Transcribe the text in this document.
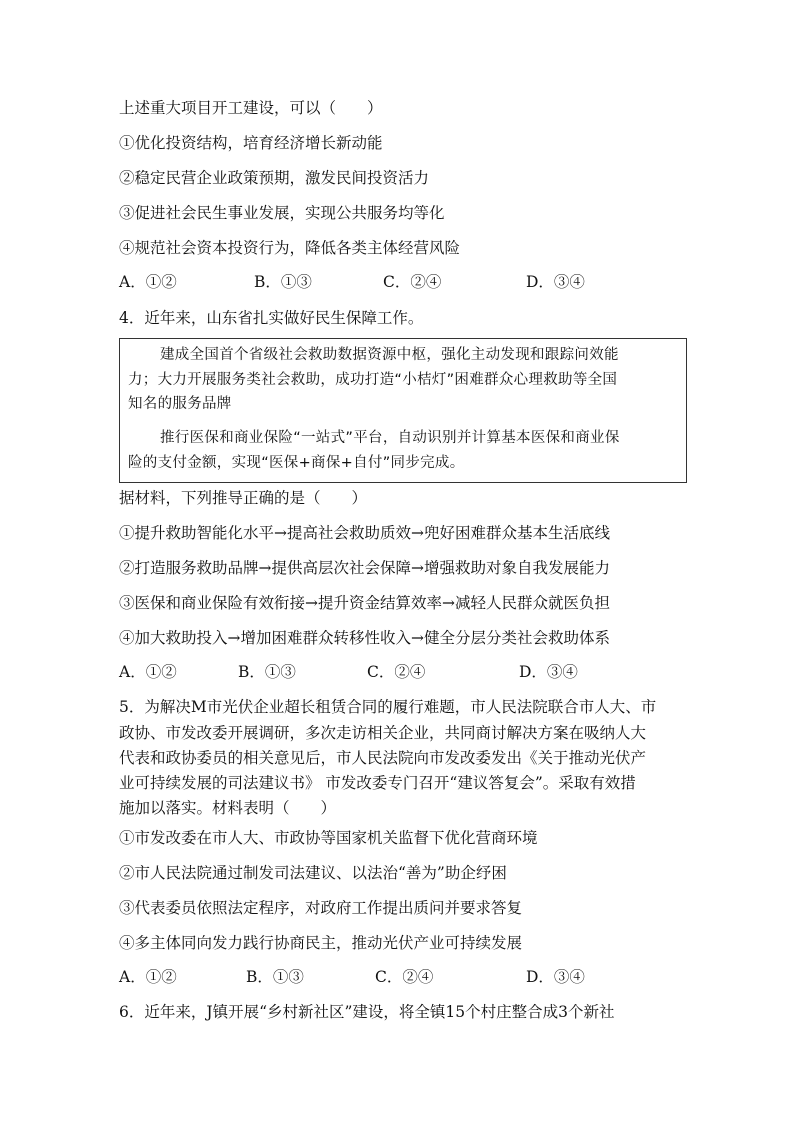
上述重大项目开工建设，可以（　　）
①优化投资结构，培育经济增长新动能
②稳定民营企业政策预期，激发民间投资活力
③促进社会民生事业发展，实现公共服务均等化
④规范社会资本投资行为，降低各类主体经营风险
A．①②	B．①③	C．②④	D．③④
4．近年来，山东省扎实做好民生保障工作。

建成全国首个省级社会救助数据资源中枢，强化主动发现和跟踪问效能

力；大力开展服务类社会救助，成功打造“小桔灯”困难群众心理救助等全国

知名的服务品牌

推行医保和商业保险“一站式”平台，自动识别并计算基本医保和商业保

险的支付金额，实现“医保+商保+自付”同步完成。

据材料，下列推导正确的是（　　）
①提升救助智能化水平→提高社会救助质效→兜好困难群众基本生活底线
②打造服务救助品牌→提供高层次社会保障→增强救助对象自我发展能力
③医保和商业保险有效衔接→提升资金结算效率→减轻人民群众就医负担
④加大救助投入→增加困难群众转移性收入→健全分层分类社会救助体系
A．①②	B．①③	C．②④	D．③④
5．为解决M市光伏企业超长租赁合同的履行难题，市人民法院联合市人大、市
政协、市发改委开展调研，多次走访相关企业，共同商讨解决方案在吸纳人大
代表和政协委员的相关意见后，市人民法院向市发改委发出《关于推动光伏产
业可持续发展的司法建议书》 市发改委专门召开“建议答复会”。采取有效措
施加以落实。材料表明（　　）
①市发改委在市人大、市政协等国家机关监督下优化营商环境
②市人民法院通过制发司法建议、以法治“善为”助企纾困
③代表委员依照法定程序，对政府工作提出质问并要求答复
④多主体同向发力践行协商民主，推动光伏产业可持续发展
A．①②	B．①③	C．②④	D．③④
6．近年来，J镇开展“乡村新社区”建设，将全镇15个村庄整合成3个新社
